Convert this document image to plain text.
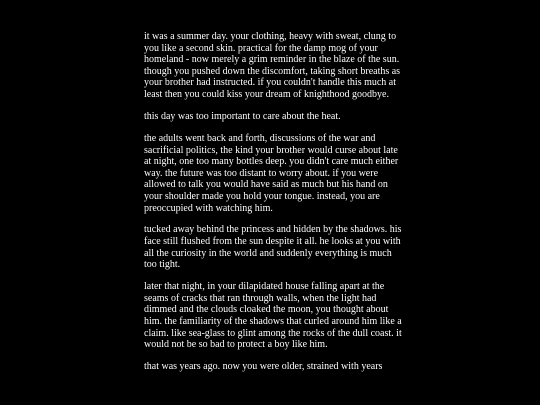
it was a summer day. your clothing, heavy with sweat, clung to you like a second skin. practical for the damp mog of your homeland - now merely a grim reminder in the blaze of the sun. though you pushed down the discomfort, taking short breaths as your brother had instructed. if you couldn't handle this much at least then you could kiss your dream of knighthood goodbye.

this day was too important to care about the heat.

the adults went back and forth, discussions of the war and sacrificial politics, the kind your brother would curse about late at night, one too many bottles deep. you didn't care much either way. the future was too distant to worry about. if you were allowed to talk you would have said as much but his hand on your shoulder made you hold your tongue. instead, you are preoccupied with watching him.

tucked away behind the princess and hidden by the shadows. his face still flushed from the sun despite it all. he looks at you with all the curiosity in the world and suddenly everything is much too tight.

later that night, in your dilapidated house falling apart at the seams of cracks that ran through walls, when the light had dimmed and the clouds cloaked the moon, you thought about him. the familiarity of the shadows that curled around him like a claim. like sea-glass to glint among the rocks of the dull coast. it would not be so bad to protect a boy like him.

that was years ago. now you were older, strained with years
